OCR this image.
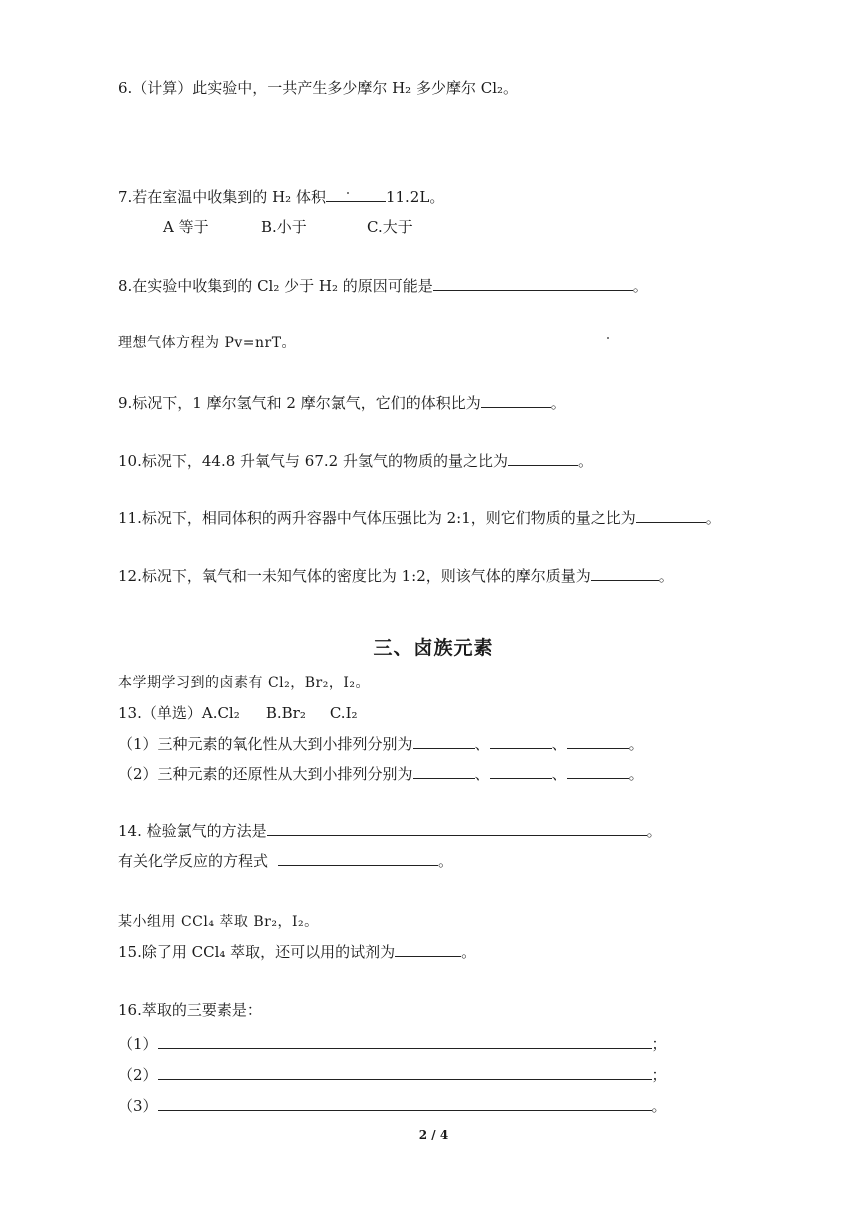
6.（计算）此实验中，一共产生多少摩尔 H₂ 多少摩尔 Cl₂。
7.若在室温中收集到的 H₂ 体积	11.2L。
A 等于	B.小于	C.大于
8.在实验中收集到的 Cl₂ 少于 H₂ 的原因可能是	。
理想气体方程为 Pv=nrT。
9.标况下，1 摩尔氢气和 2 摩尔氯气，它们的体积比为	。
10.标况下，44.8 升氧气与 67.2 升氢气的物质的量之比为	。
11.标况下，相同体积的两升容器中气体压强比为 2:1，则它们物质的量之比为	。
12.标况下，氧气和一未知气体的密度比为 1:2，则该气体的摩尔质量为	。
三、卤族元素
本学期学习到的卤素有 Cl₂，Br₂，I₂。
13.（单选）A.Cl₂ B.Br₂ C.I₂
（1）三种元素的氧化性从大到小排列分别为	、	、	。
（2）三种元素的还原性从大到小排列分别为	、	、	。
14. 检验氯气的方法是	。
有关化学反应的方程式	。
某小组用 CCl₄ 萃取 Br₂，I₂。
15.除了用 CCl₄ 萃取，还可以用的试剂为	。
16.萃取的三要素是：
（1）	；
（2）	；
（3）	。
2 / 4
